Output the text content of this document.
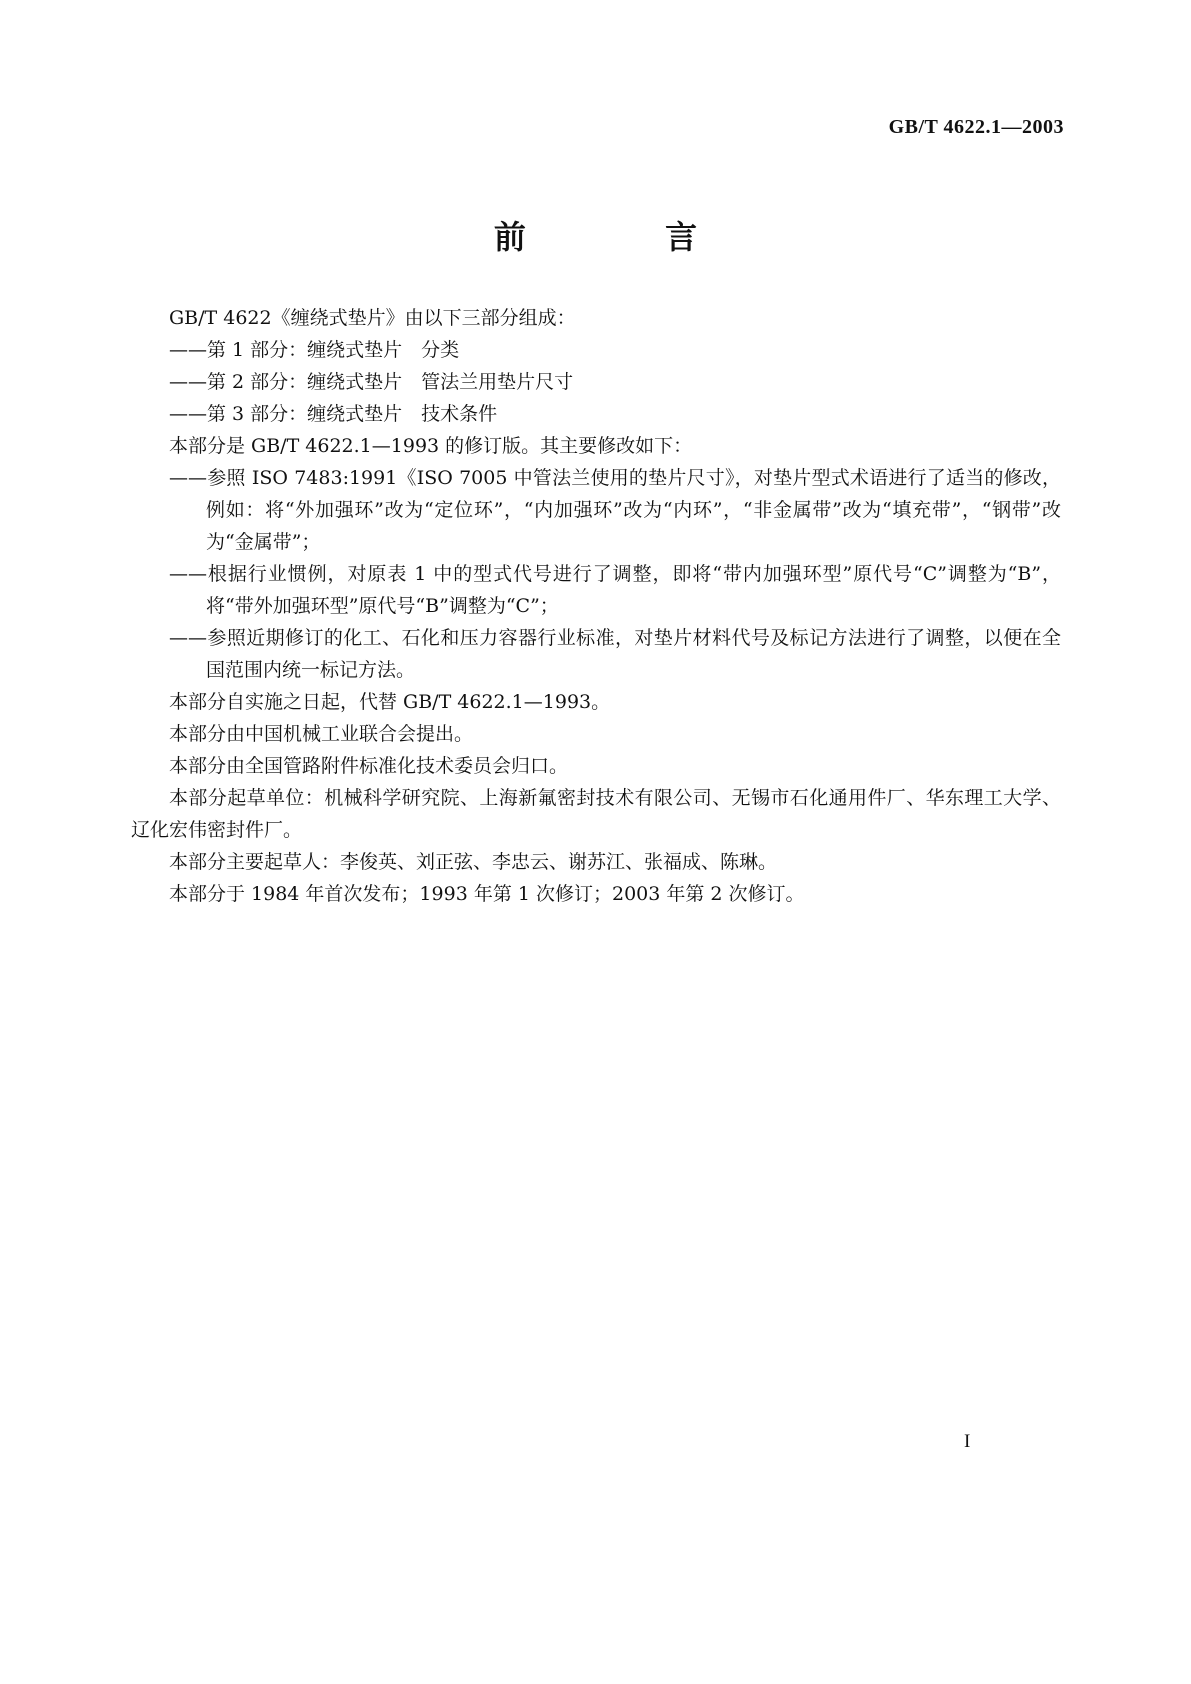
GB/T 4622.1—2003
前 言

GB/T 4622《缠绕式垫片》由以下三部分组成：

——第 1 部分：缠绕式垫片　分类

——第 2 部分：缠绕式垫片　管法兰用垫片尺寸

——第 3 部分：缠绕式垫片　技术条件

本部分是 GB/T 4622.1—1993 的修订版。其主要修改如下：

——参照 ISO 7483:1991《ISO 7005 中管法兰使用的垫片尺寸》，对垫片型式术语进行了适当的修改，例如：将“外加强环”改为“定位环”，“内加强环”改为“内环”，“非金属带”改为“填充带”，“钢带”改为“金属带”；

——根据行业惯例，对原表 1 中的型式代号进行了调整，即将“带内加强环型”原代号“C”调整为“B”，将“带外加强环型”原代号“B”调整为“C”；

——参照近期修订的化工、石化和压力容器行业标准，对垫片材料代号及标记方法进行了调整，以便在全国范围内统一标记方法。

本部分自实施之日起，代替 GB/T 4622.1—1993。

本部分由中国机械工业联合会提出。

本部分由全国管路附件标准化技术委员会归口。

本部分起草单位：机械科学研究院、上海新氟密封技术有限公司、无锡市石化通用件厂、华东理工大学、辽化宏伟密封件厂。

本部分主要起草人：李俊英、刘正弦、李忠云、谢苏江、张福成、陈琳。

本部分于 1984 年首次发布；1993 年第 1 次修订；2003 年第 2 次修订。

I
